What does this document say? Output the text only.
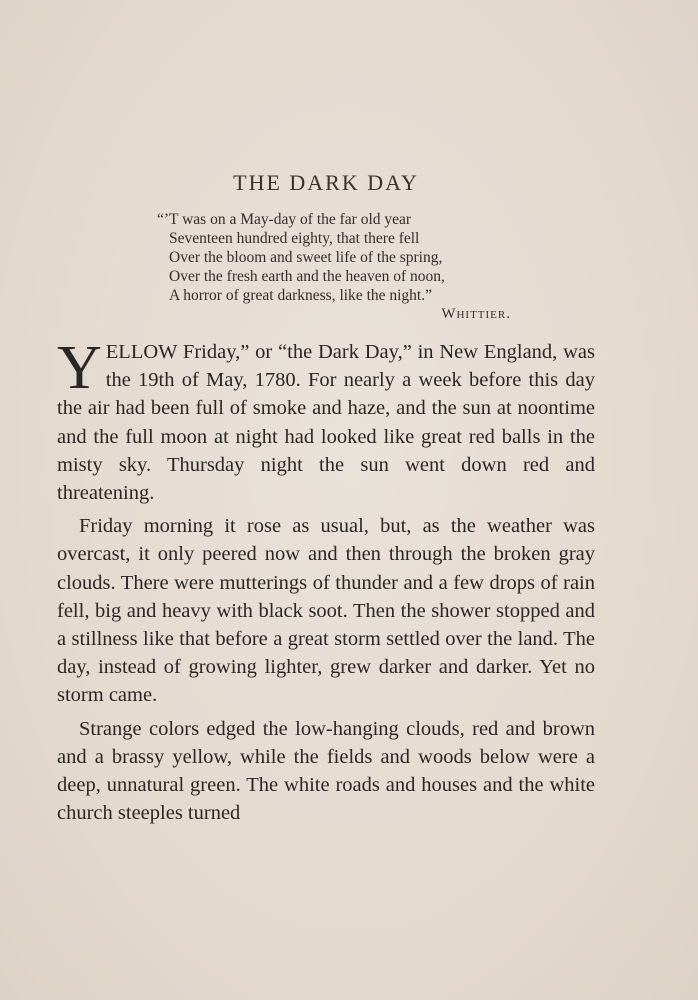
THE DARK DAY
“’T was on a May-day of the far old year
Seventeen hundred eighty, that there fell
Over the bloom and sweet life of the spring,
Over the fresh earth and the heaven of noon,
A horror of great darkness, like the night.”
Whittier.

YELLOW Friday,” or “the Dark Day,” in New England, was the 19th of May, 1780. For nearly a week before this day the air had been full of smoke and haze, and the sun at noontime and the full moon at night had looked like great red balls in the misty sky. Thursday night the sun went down red and threatening.

Friday morning it rose as usual, but, as the weather was overcast, it only peered now and then through the broken gray clouds. There were mutterings of thunder and a few drops of rain fell, big and heavy with black soot. Then the shower stopped and a stillness like that before a great storm settled over the land. The day, instead of growing lighter, grew darker and darker. Yet no storm came.

Strange colors edged the low-hanging clouds, red and brown and a brassy yellow, while the fields and woods below were a deep, unnatural green. The white roads and houses and the white church steeples turned
